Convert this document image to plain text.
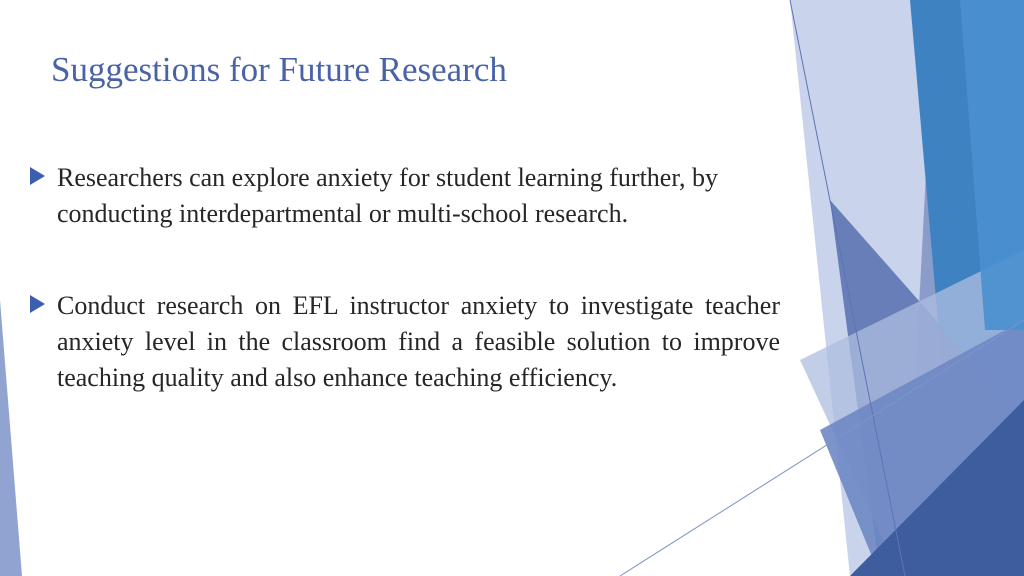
Suggestions for Future Research
Researchers can explore anxiety for student learning further, by conducting interdepartmental or multi-school research.
Conduct research on EFL instructor anxiety to investigate teacher anxiety level in the classroom find a feasible solution to improve teaching quality and also enhance teaching efficiency.
